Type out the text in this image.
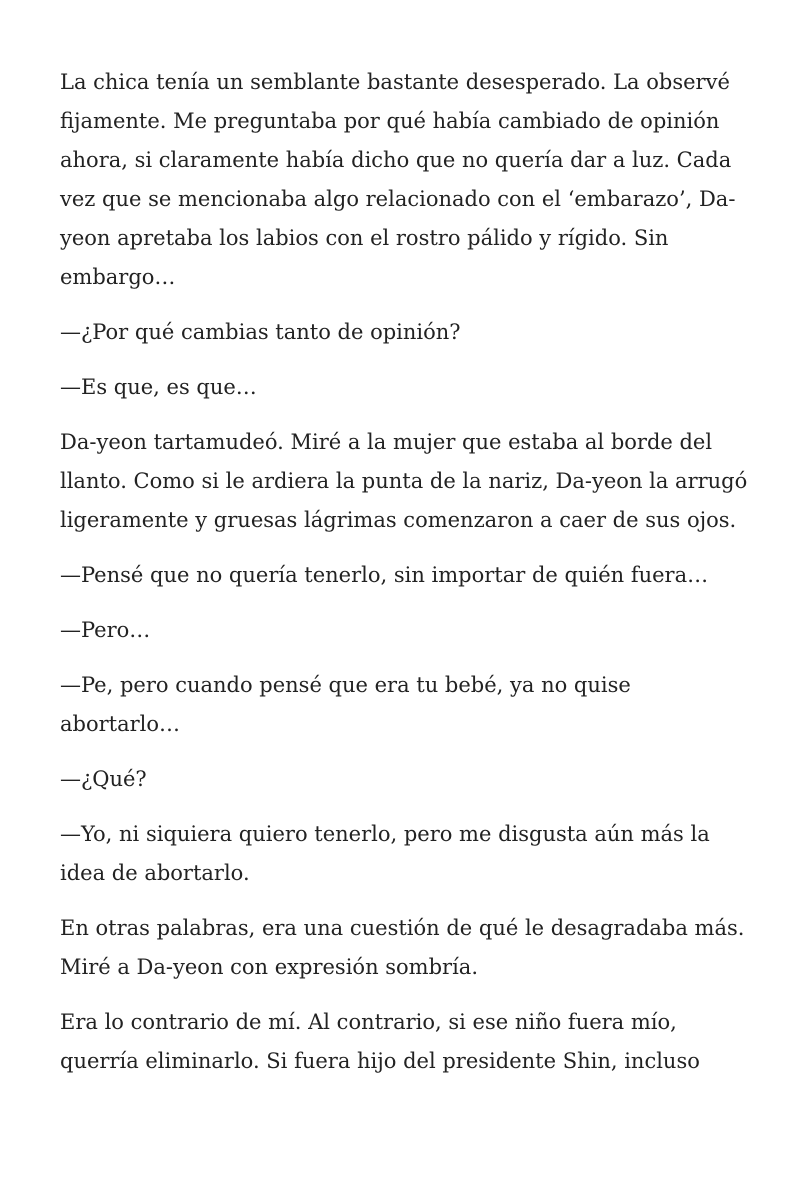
La chica tenía un semblante bastante desesperado. La observé fijamente. Me preguntaba por qué había cambiado de opinión ahora, si claramente había dicho que no quería dar a luz. Cada vez que se mencionaba algo relacionado con el ‘embarazo’, Da-yeon apretaba los labios con el rostro pálido y rígido. Sin embargo…

—¿Por qué cambias tanto de opinión?

—Es que, es que…

Da-yeon tartamudeó. Miré a la mujer que estaba al borde del llanto. Como si le ardiera la punta de la nariz, Da-yeon la arrugó ligeramente y gruesas lágrimas comenzaron a caer de sus ojos.

—Pensé que no quería tenerlo, sin importar de quién fuera…

—Pero…

—Pe, pero cuando pensé que era tu bebé, ya no quise abortarlo…

—¿Qué?

—Yo, ni siquiera quiero tenerlo, pero me disgusta aún más la idea de abortarlo.

En otras palabras, era una cuestión de qué le desagradaba más. Miré a Da-yeon con expresión sombría.

Era lo contrario de mí. Al contrario, si ese niño fuera mío, querría eliminarlo. Si fuera hijo del presidente Shin, incluso
